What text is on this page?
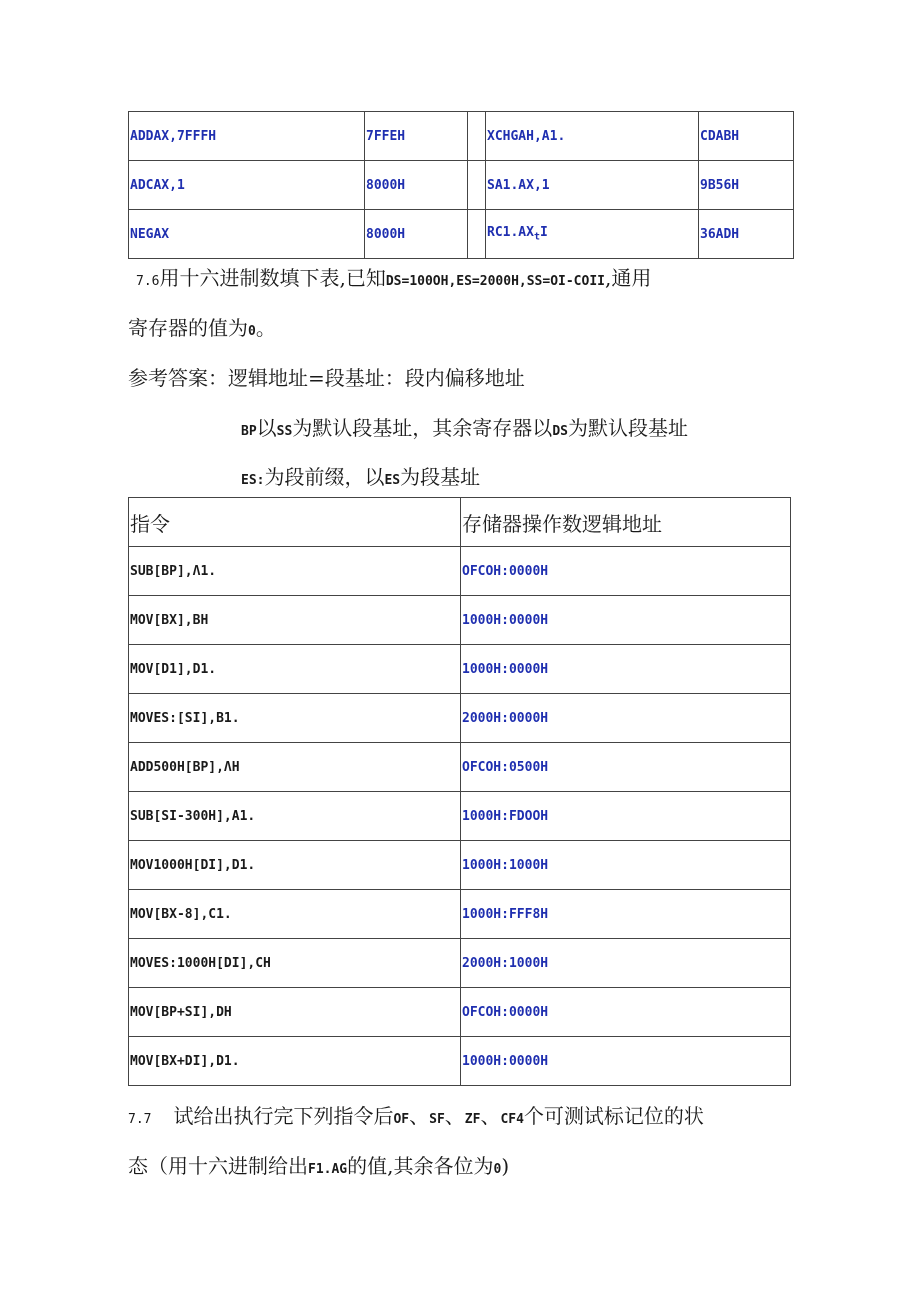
ADDAX,7FFFH	7FFEH		XCHGAH,A1.	CDABH
ADCAX,1	8000H		SA1.AX,1	9B56H
NEGAX	8000H		$RC1.AX_tI$	36ADH
7.6用十六进制数填下表,已知DS=100OH,ES=2000H,SS=OI-COII,通用
寄存器的值为0。
参考答案：逻辑地址=段基址：段内偏移地址
BP以SS为默认段基址，其余寄存器以DS为默认段基址
ES:为段前缀，以ES为段基址
指令	存储器操作数逻辑地址
SUB[BP],Λ1.	OFCOH:0000H
MOV[BX],BH	1000H:0000H
MOV[D1],D1.	1000H:0000H
MOVES:[SI],B1.	2000H:0000H
ADD500H[BP],ΛH	OFCOH:0500H
SUB[SI-300H],A1.	1000H:FDOOH
MOV1000H[DI],D1.	1000H:1000H
MOV[BX-8],C1.	1000H:FFF8H
MOVES:1000H[DI],CH	2000H:1000H
MOV[BP+SI],DH	OFCOH:0000H
MOV[BX+DI],D1.	1000H:0000H
7.7 试给出执行完下列指令后OF、SF、ZF、CF4个可测试标记位的状
态（用十六进制给出F1.AG的值,其余各位为0)
